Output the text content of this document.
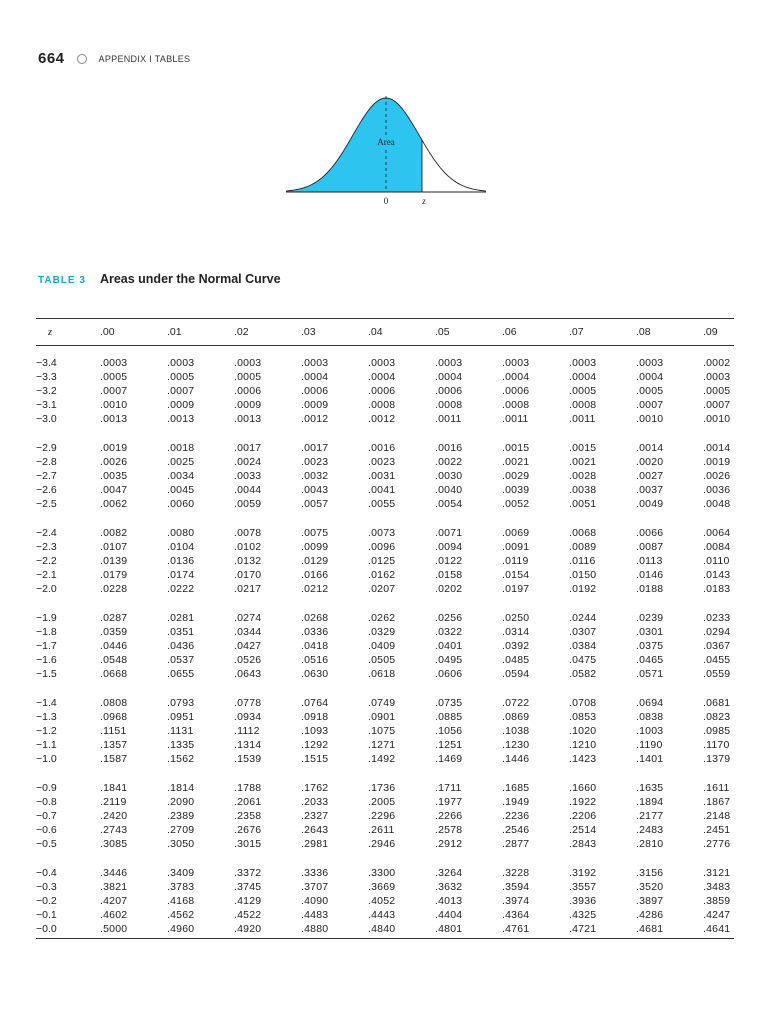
664	APPENDIX I TABLES
Area
0	z
TABLE 3 Areas under the Normal Curve
z	.00	.01	.02	.03	.04	.05	.06	.07	.08	.09
−3.4	.0003	.0003	.0003	.0003	.0003	.0003	.0003	.0003	.0003	.0002
−3.3	.0005	.0005	.0005	.0004	.0004	.0004	.0004	.0004	.0004	.0003
−3.2	.0007	.0007	.0006	.0006	.0006	.0006	.0006	.0005	.0005	.0005
−3.1	.0010	.0009	.0009	.0009	.0008	.0008	.0008	.0008	.0007	.0007
−3.0	.0013	.0013	.0013	.0012	.0012	.0011	.0011	.0011	.0010	.0010
−2.9	.0019	.0018	.0017	.0017	.0016	.0016	.0015	.0015	.0014	.0014
−2.8	.0026	.0025	.0024	.0023	.0023	.0022	.0021	.0021	.0020	.0019
−2.7	.0035	.0034	.0033	.0032	.0031	.0030	.0029	.0028	.0027	.0026
−2.6	.0047	.0045	.0044	.0043	.0041	.0040	.0039	.0038	.0037	.0036
−2.5	.0062	.0060	.0059	.0057	.0055	.0054	.0052	.0051	.0049	.0048
−2.4	.0082	.0080	.0078	.0075	.0073	.0071	.0069	.0068	.0066	.0064
−2.3	.0107	.0104	.0102	.0099	.0096	.0094	.0091	.0089	.0087	.0084
−2.2	.0139	.0136	.0132	.0129	.0125	.0122	.0119	.0116	.0113	.0110
−2.1	.0179	.0174	.0170	.0166	.0162	.0158	.0154	.0150	.0146	.0143
−2.0	.0228	.0222	.0217	.0212	.0207	.0202	.0197	.0192	.0188	.0183
−1.9	.0287	.0281	.0274	.0268	.0262	.0256	.0250	.0244	.0239	.0233
−1.8	.0359	.0351	.0344	.0336	.0329	.0322	.0314	.0307	.0301	.0294
−1.7	.0446	.0436	.0427	.0418	.0409	.0401	.0392	.0384	.0375	.0367
−1.6	.0548	.0537	.0526	.0516	.0505	.0495	.0485	.0475	.0465	.0455
−1.5	.0668	.0655	.0643	.0630	.0618	.0606	.0594	.0582	.0571	.0559
−1.4	.0808	.0793	.0778	.0764	.0749	.0735	.0722	.0708	.0694	.0681
−1.3	.0968	.0951	.0934	.0918	.0901	.0885	.0869	.0853	.0838	.0823
−1.2	.1151	.1131	.1112	.1093	.1075	.1056	.1038	.1020	.1003	.0985
−1.1	.1357	.1335	.1314	.1292	.1271	.1251	.1230	.1210	.1190	.1170
−1.0	.1587	.1562	.1539	.1515	.1492	.1469	.1446	.1423	.1401	.1379
−0.9	.1841	.1814	.1788	.1762	.1736	.1711	.1685	.1660	.1635	.1611
−0.8	.2119	.2090	.2061	.2033	.2005	.1977	.1949	.1922	.1894	.1867
−0.7	.2420	.2389	.2358	.2327	.2296	.2266	.2236	.2206	.2177	.2148
−0.6	.2743	.2709	.2676	.2643	.2611	.2578	.2546	.2514	.2483	.2451
−0.5	.3085	.3050	.3015	.2981	.2946	.2912	.2877	.2843	.2810	.2776
−0.4	.3446	.3409	.3372	.3336	.3300	.3264	.3228	.3192	.3156	.3121
−0.3	.3821	.3783	.3745	.3707	.3669	.3632	.3594	.3557	.3520	.3483
−0.2	.4207	.4168	.4129	.4090	.4052	.4013	.3974	.3936	.3897	.3859
−0.1	.4602	.4562	.4522	.4483	.4443	.4404	.4364	.4325	.4286	.4247
−0.0	.5000	.4960	.4920	.4880	.4840	.4801	.4761	.4721	.4681	.4641
